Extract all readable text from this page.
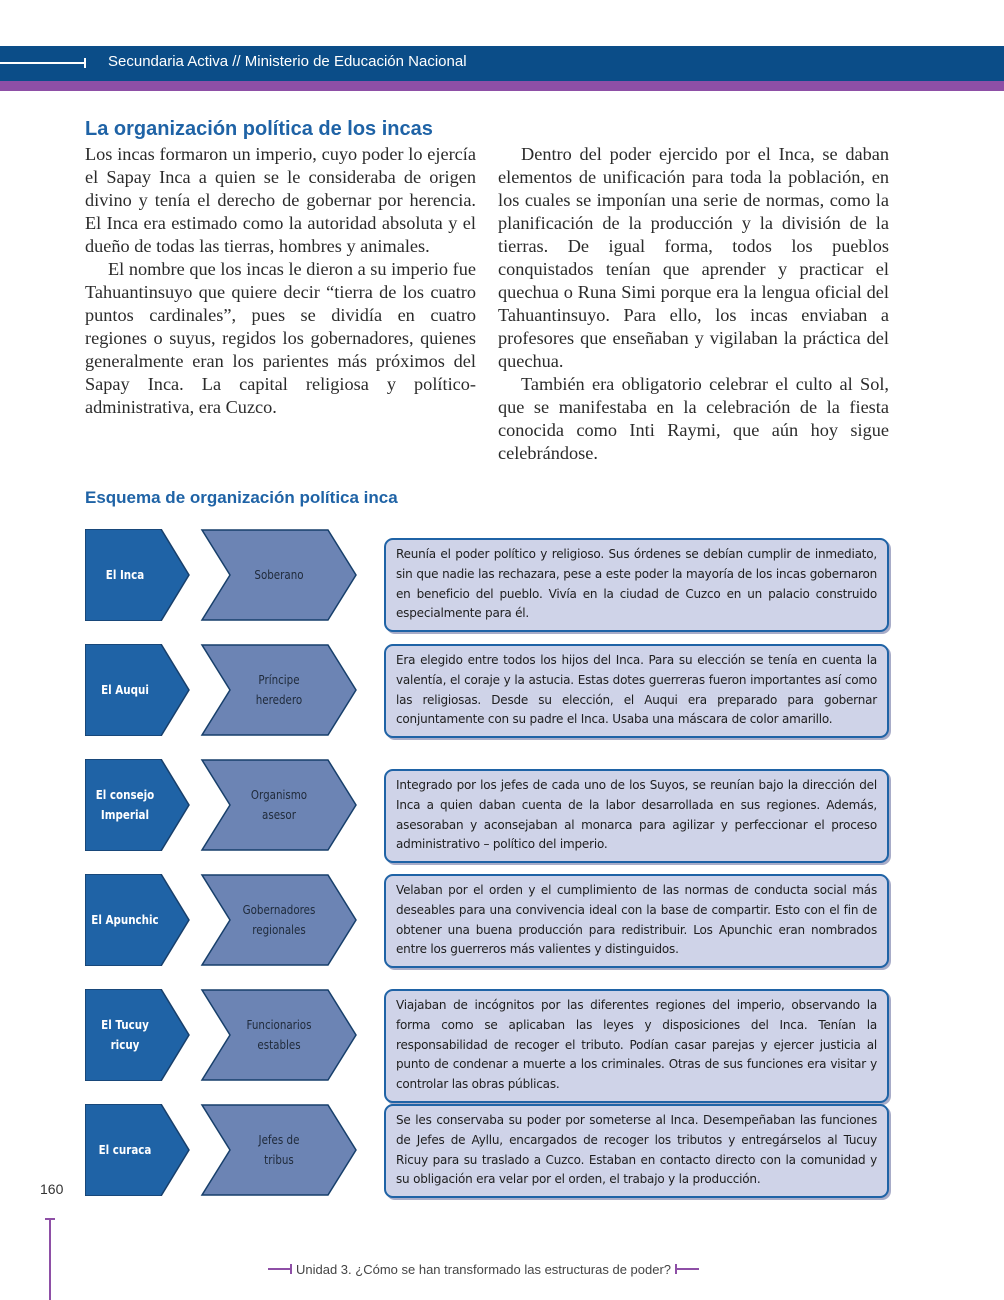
Secundaria Activa // Ministerio de Educación Nacional
La organización política de los incas

Los incas formaron un imperio, cuyo poder lo ejercía el Sapay Inca a quien se le consideraba de origen divino y tenía el derecho de gobernar por herencia. El Inca era estimado como la autoridad absoluta y el dueño de todas las tierras, hombres y animales.

El nombre que los incas le dieron a su imperio fue Tahuantinsuyo que quiere decir “tierra de los cuatro puntos cardinales”, pues se dividía en cuatro regiones o suyus, regidos los gobernadores, quienes generalmente eran los parientes más próximos del Sapay Inca. La capital religiosa y político-administrativa, era Cuzco.

Dentro del poder ejercido por el Inca, se daban elementos de unificación para toda la población, en los cuales se imponían una serie de normas, como la planificación de la producción y la división de la tierras. De igual forma, todos los pueblos conquistados tenían que aprender y practicar el quechua o Runa Simi porque era la lengua oficial del Tahuantinsuyo. Para ello, los incas enviaban a profesores que enseñaban y vigilaban la práctica del quechua.

También era obligatorio celebrar el culto al Sol, que se manifestaba en la celebración de la fiesta conocida como Inti Raymi, que aún hoy sigue celebrándose.

Esquema de organización política inca
El Inca	Soberano
Reunía el poder político y religioso. Sus órdenes se debían cumplir de inmediato, sin que nadie las rechazara, pese a este poder la mayoría de los incas gobernaron en beneficio del pueblo. Vivía en la ciudad de Cuzco en un palacio construido especialmente para él.
El Auqui
Príncipe
heredero
Era elegido entre todos los hijos del Inca. Para su elección se tenía en cuenta la valentía, el coraje y la astucia. Estas dotes guerreras fueron importantes así como las religiosas. Desde su elección, el Auqui era preparado para gobernar conjuntamente con su padre el Inca. Usaba una máscara de color amarillo.
El consejo
Imperial
Organismo
asesor
Integrado por los jefes de cada uno de los Suyos, se reunían bajo la dirección del Inca a quien daban cuenta de la labor desarrollada en sus regiones. Además, asesoraban y aconsejaban al monarca para agilizar y perfeccionar el proceso administrativo – político del imperio.
El Apunchic
Gobernadores
regionales
Velaban por el orden y el cumplimiento de las normas de conducta social más deseables para una convivencia ideal con la base de compartir. Esto con el fin de obtener una buena producción para redistribuir. Los Apunchic eran nombrados entre los guerreros más valientes y distinguidos.
El Tucuy
ricuy
Funcionarios
estables
Viajaban de incógnitos por las diferentes regiones del imperio, observando la forma como se aplicaban las leyes y disposiciones del Inca. Tenían la responsabilidad de recoger el tributo. Podían casar parejas y ejercer justicia al punto de condenar a muerte a los criminales. Otras de sus funciones era visitar y controlar las obras públicas.
El curaca
Jefes de
tribus
Se les conservaba su poder por someterse al Inca. Desempeñaban las funciones de Jefes de Ayllu, encargados de recoger los tributos y entregárselos al Tucuy Ricuy para su traslado a Cuzco. Estaban en contacto directo con la comunidad y su obligación era velar por el orden, el trabajo y la producción.
160
Unidad 3. ¿Cómo se han transformado las estructuras de poder?
